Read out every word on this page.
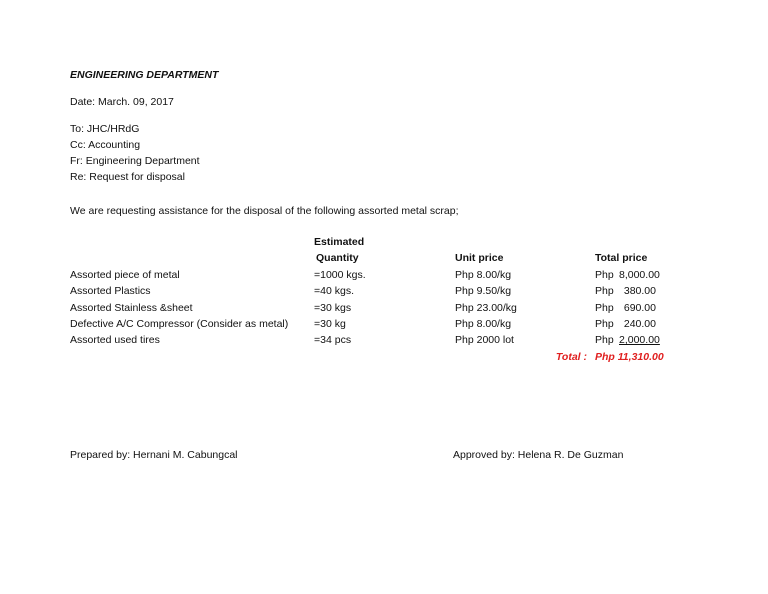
ENGINEERING DEPARTMENT
Date: March. 09, 2017
To: JHC/HRdG
Cc: Accounting
Fr: Engineering Department
Re: Request for disposal
We are requesting assistance for the disposal of the following assorted metal scrap;
	Estimated		
	Quantity	Unit price	Total price
Assorted piece of metal	=1000 kgs.	Php 8.00/kg	Php 8,000.00
Assorted Plastics	=40 kgs.	Php 9.50/kg	Php 380.00
Assorted Stainless &sheet	=30 kgs	Php 23.00/kg	Php 690.00
Defective A/C Compressor (Consider as metal)	=30 kg	Php 8.00/kg	Php 240.00
Assorted used tires	=34 pcs	Php 2000 lot	Php 2,000.00
		Total :	Php 11,310.00
Prepared by: Hernani M. Cabungcal	Approved by: Helena R. De Guzman
